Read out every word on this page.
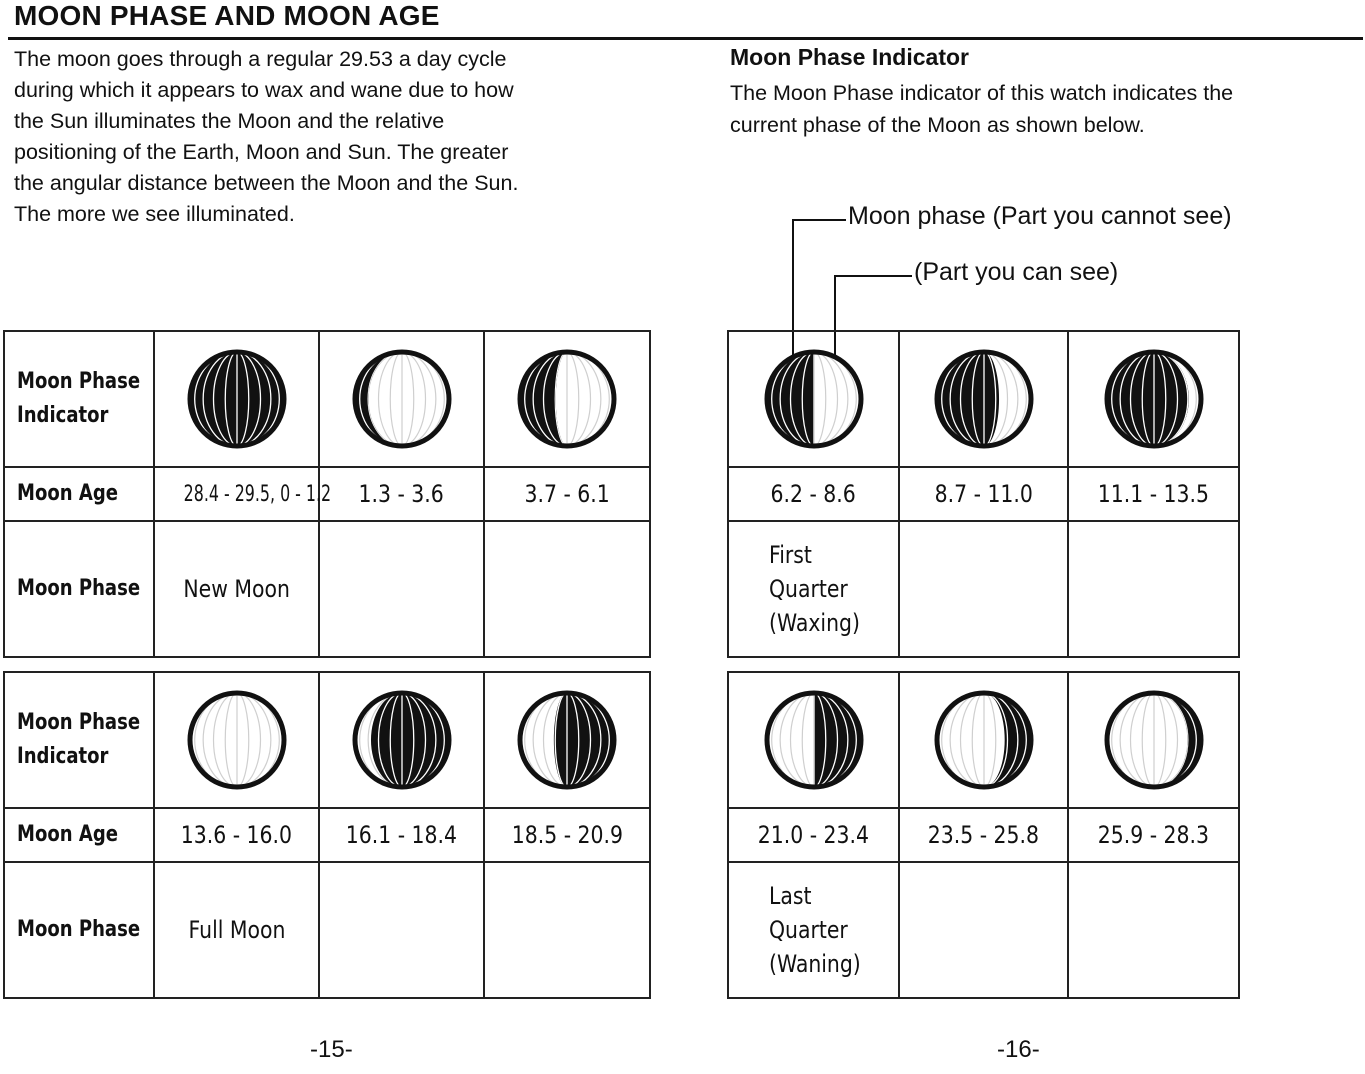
MOON PHASE AND MOON AGE
The moon goes through a regular 29.53 a day cycle
during which it appears to wax and wane due to how
the Sun illuminates the Moon and the relative
positioning of the Earth, Moon and Sun. The greater
the angular distance between the Moon and the Sun.
The more we see illuminated.
Moon Phase Indicator
The Moon Phase indicator of this watch indicates the
current phase of the Moon as shown below.
Moon phase (Part you cannot see)
(Part you can see)
Moon Phase
Indicator	

Moon Age	28.4 - 29.5, 0 - 1.2	1.3 - 3.6	3.7 - 6.1
Moon Phase	New Moon		

6.2 - 8.6	8.7 - 11.0	11.1 - 13.5
First
Quarter
(Waxing)		
Moon Phase
Indicator	

Moon Age	13.6 - 16.0	16.1 - 18.4	18.5 - 20.9
Moon Phase	Full Moon		

21.0 - 23.4	23.5 - 25.8	25.9 - 28.3
Last
Quarter
(Waning)		
-15-	-16-
